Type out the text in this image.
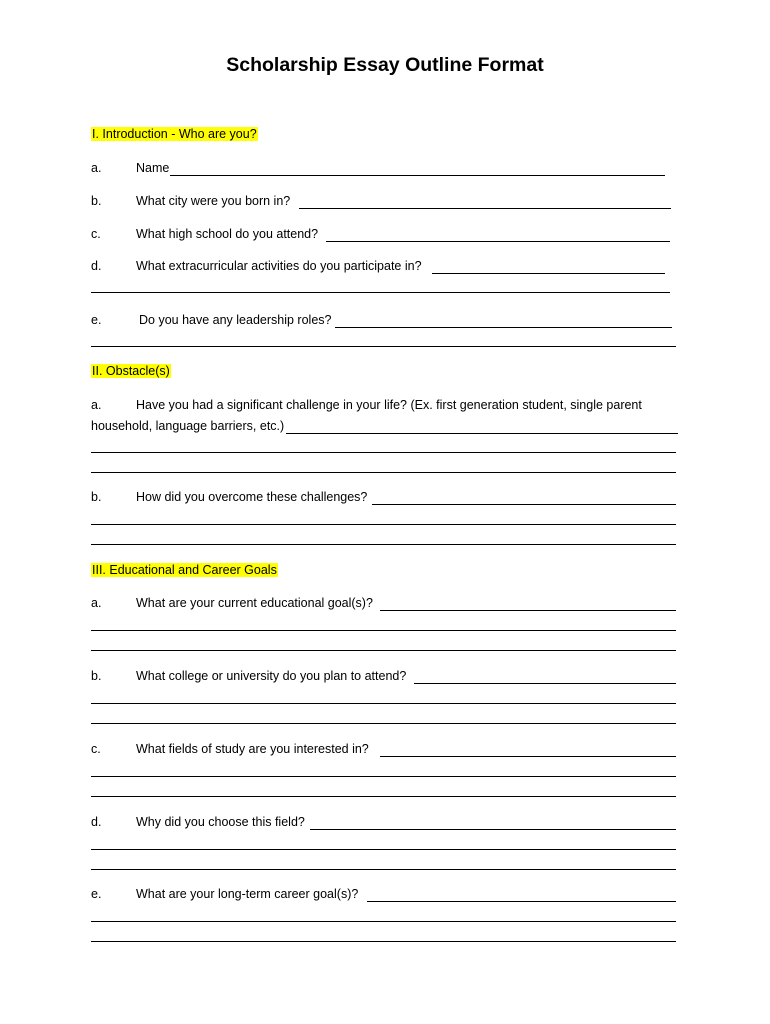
Scholarship Essay Outline Format
I. Introduction - Who are you?
a.	Name
b.	What city were you born in?
c.	What high school do you attend?
d.	What extracurricular activities do you participate in?
e.	Do you have any leadership roles?
II. Obstacle(s)
a.	Have you had a significant challenge in your life? (Ex. first generation student, single parent
household, language barriers, etc.)
b.	How did you overcome these challenges?
III. Educational and Career Goals
a.	What are your current educational goal(s)?
b.	What college or university do you plan to attend?
c.	What fields of study are you interested in?
d.	Why did you choose this field?
e.	What are your long-term career goal(s)?
